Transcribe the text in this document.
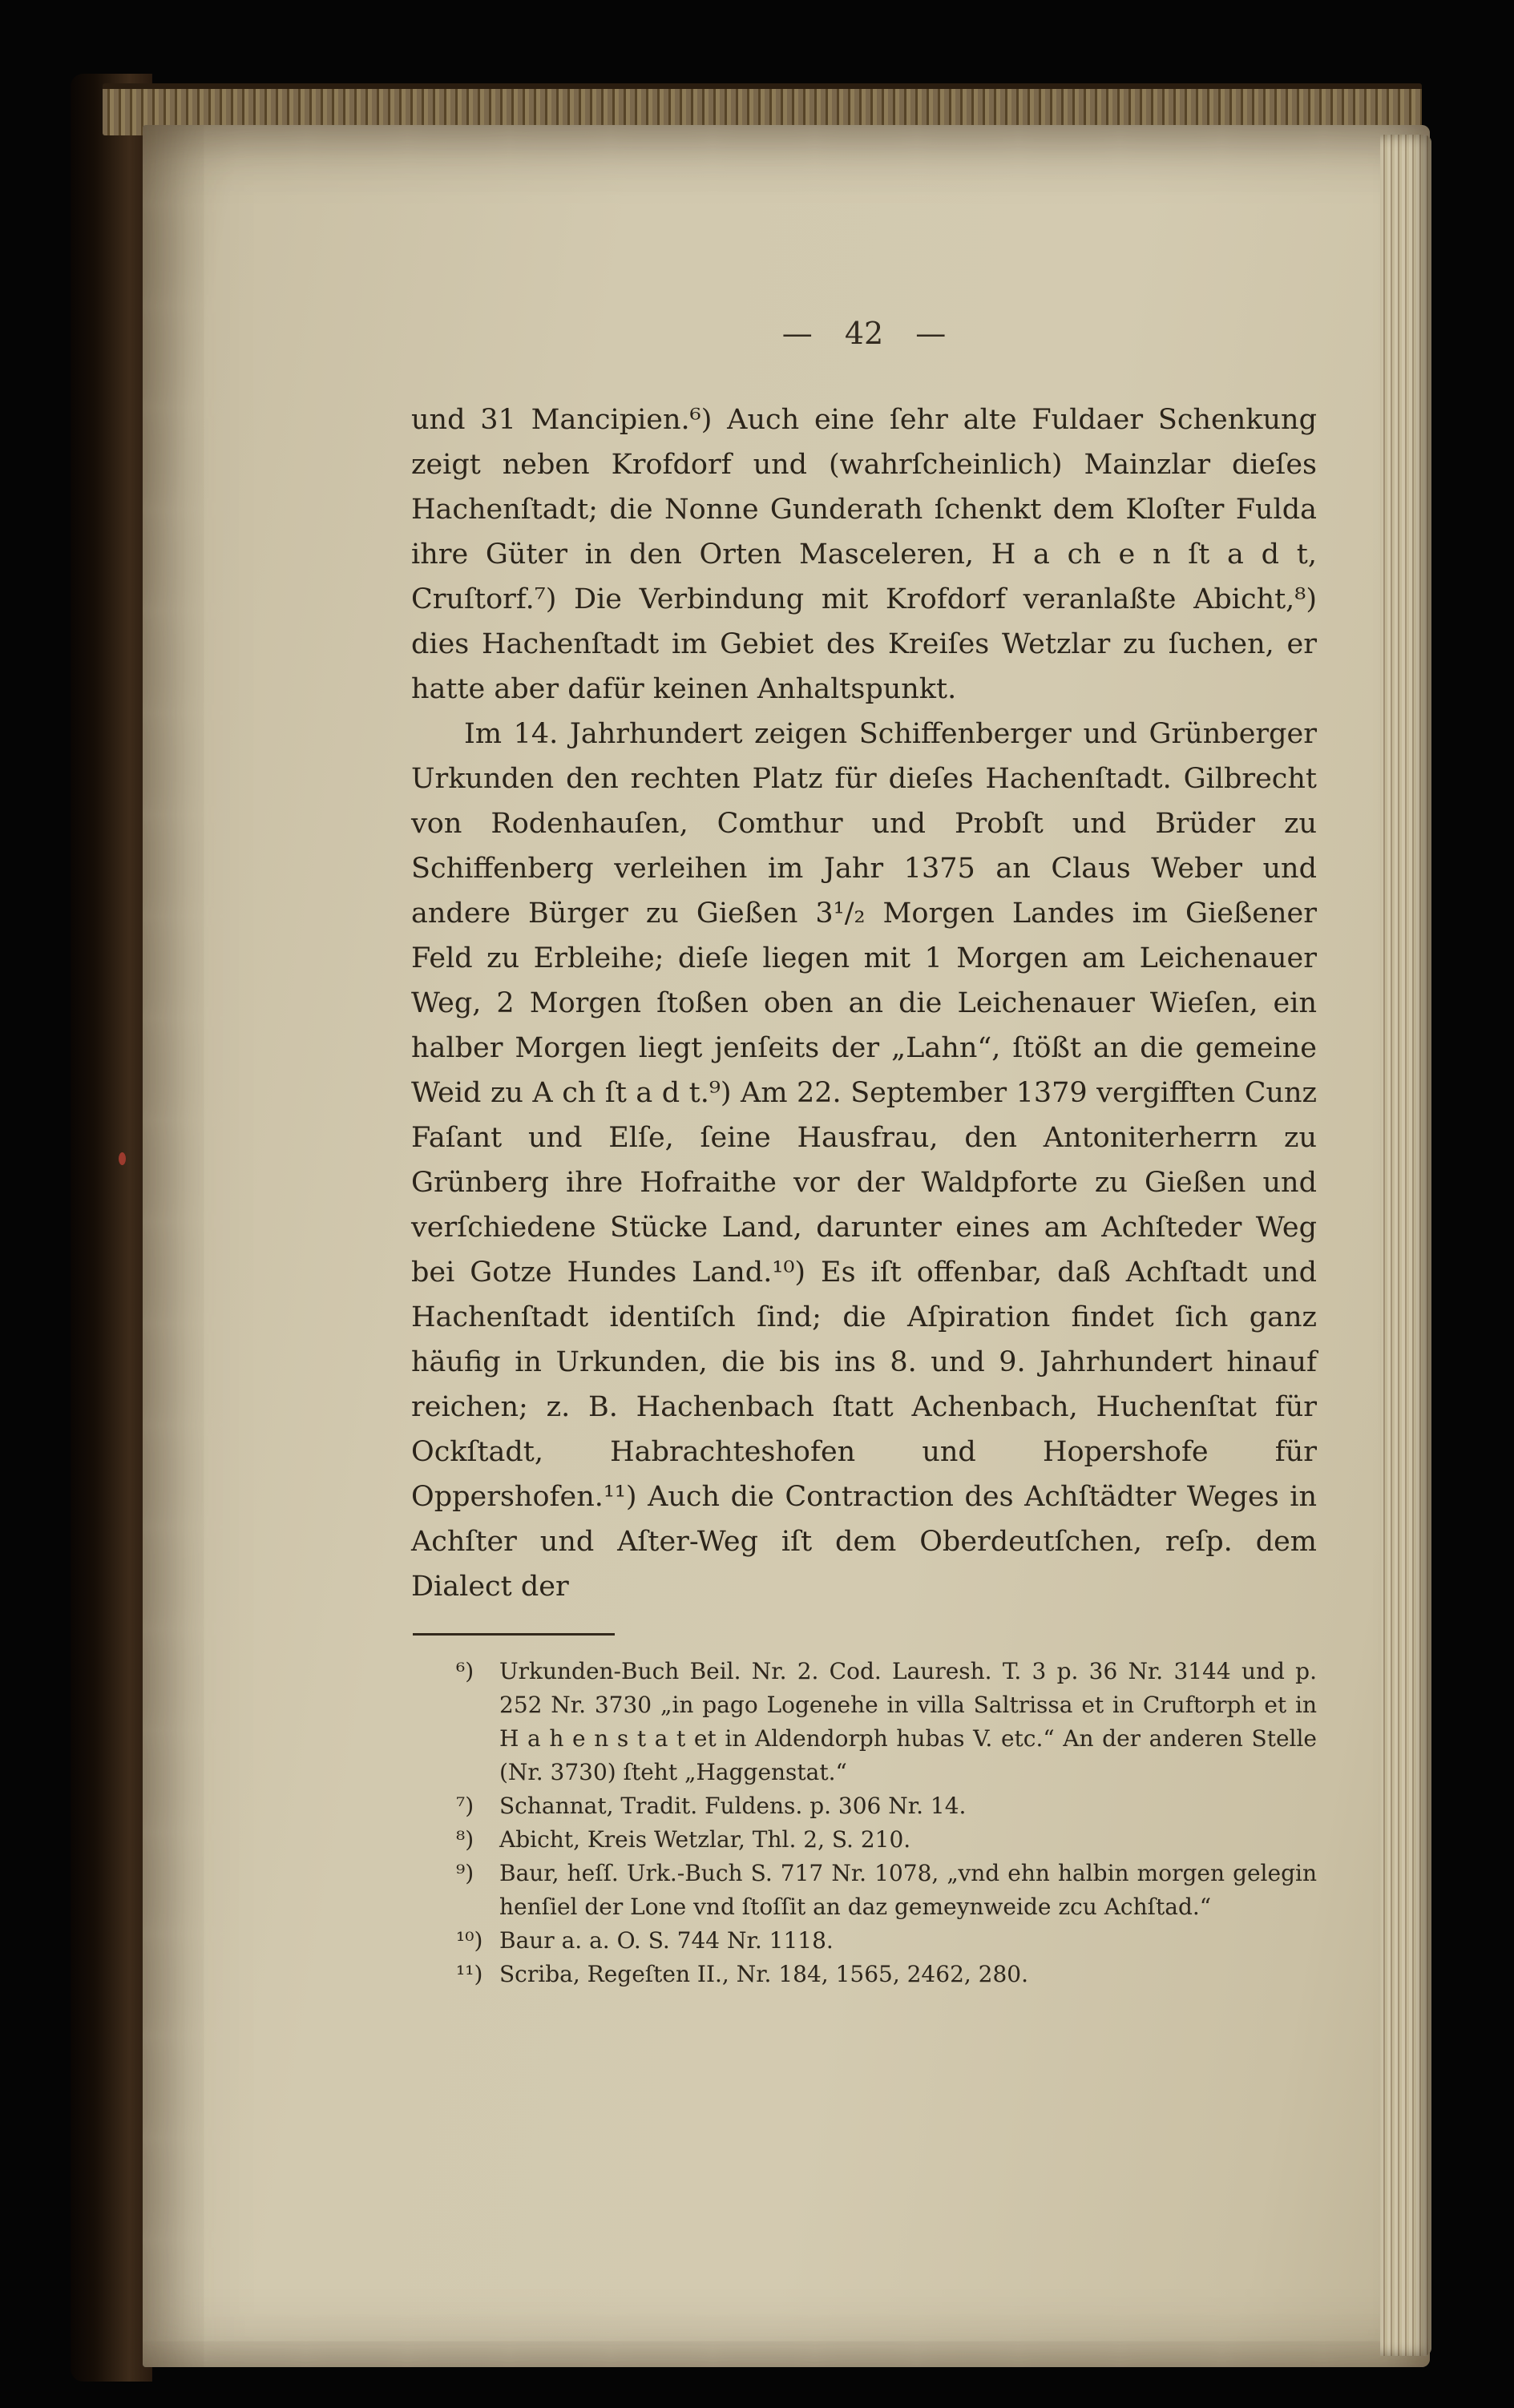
— 42 —

und 31 Mancipien.⁶) Auch eine ſehr alte Fuldaer Schenkung zeigt neben Krofdorf und (wahrſcheinlich) Mainzlar dieſes Hachenſtadt; die Nonne Gunderath ſchenkt dem Kloſter Fulda ihre Güter in den Orten Masceleren, H a ch e n ſt a d t, Cruſtorf.⁷) Die Verbindung mit Krofdorf veranlaßte Abicht,⁸) dies Hachenſtadt im Gebiet des Kreiſes Wetzlar zu ſuchen, er hatte aber dafür keinen Anhaltspunkt.

Im 14. Jahrhundert zeigen Schiffenberger und Grünberger Urkunden den rechten Platz für dieſes Hachenſtadt. Gilbrecht von Rodenhauſen, Comthur und Probſt und Brüder zu Schiffenberg verleihen im Jahr 1375 an Claus Weber und andere Bürger zu Gießen 3¹/₂ Morgen Landes im Gießener Feld zu Erbleihe; dieſe liegen mit 1 Morgen am Leichenauer Weg, 2 Morgen ſtoßen oben an die Leichenauer Wieſen, ein halber Morgen liegt jenſeits der „Lahn“, ſtößt an die gemeine Weid zu A ch ſt a d t.⁹) Am 22. September 1379 vergifften Cunz Faſant und Elſe, ſeine Hausfrau, den Antoniterherrn zu Grünberg ihre Hofraithe vor der Waldpforte zu Gießen und verſchiedene Stücke Land, darunter eines am Achſteder Weg bei Gotze Hundes Land.¹⁰) Es iſt offenbar, daß Achſtadt und Hachenſtadt identiſch ſind; die Aſpiration findet ſich ganz häufig in Urkunden, die bis ins 8. und 9. Jahrhundert hinauf reichen; z. B. Hachenbach ſtatt Achenbach, Huchenſtat für Ockſtadt, Habrachteshofen und Hopershofe für Oppershofen.¹¹) Auch die Contraction des Achſtädter Weges in Achſter und Aſter-Weg iſt dem Oberdeutſchen, reſp. dem Dialect der

⁶)	Urkunden-Buch Beil. Nr. 2. Cod. Lauresh. T. 3 p. 36 Nr. 3144 und p. 252 Nr. 3730 „in pago Logenehe in villa Saltrissa et in Cruftorph et in H a h e n s t a t et in Aldendorph hubas V. etc.“ An der anderen Stelle (Nr. 3730) ſteht „Haggenstat.“
⁷)	Schannat, Tradit. Fuldens. p. 306 Nr. 14.
⁸)	Abicht, Kreis Wetzlar, Thl. 2, S. 210.
⁹)	Baur, heſſ. Urk.-Buch S. 717 Nr. 1078, „vnd ehn halbin morgen gelegin henſiel der Lone vnd ſtoſſit an daz gemeynweide zcu Achſtad.“
¹⁰) Baur a. a. O. S. 744 Nr. 1118.
¹¹) Scriba, Regeſten II., Nr. 184, 1565, 2462, 280.
